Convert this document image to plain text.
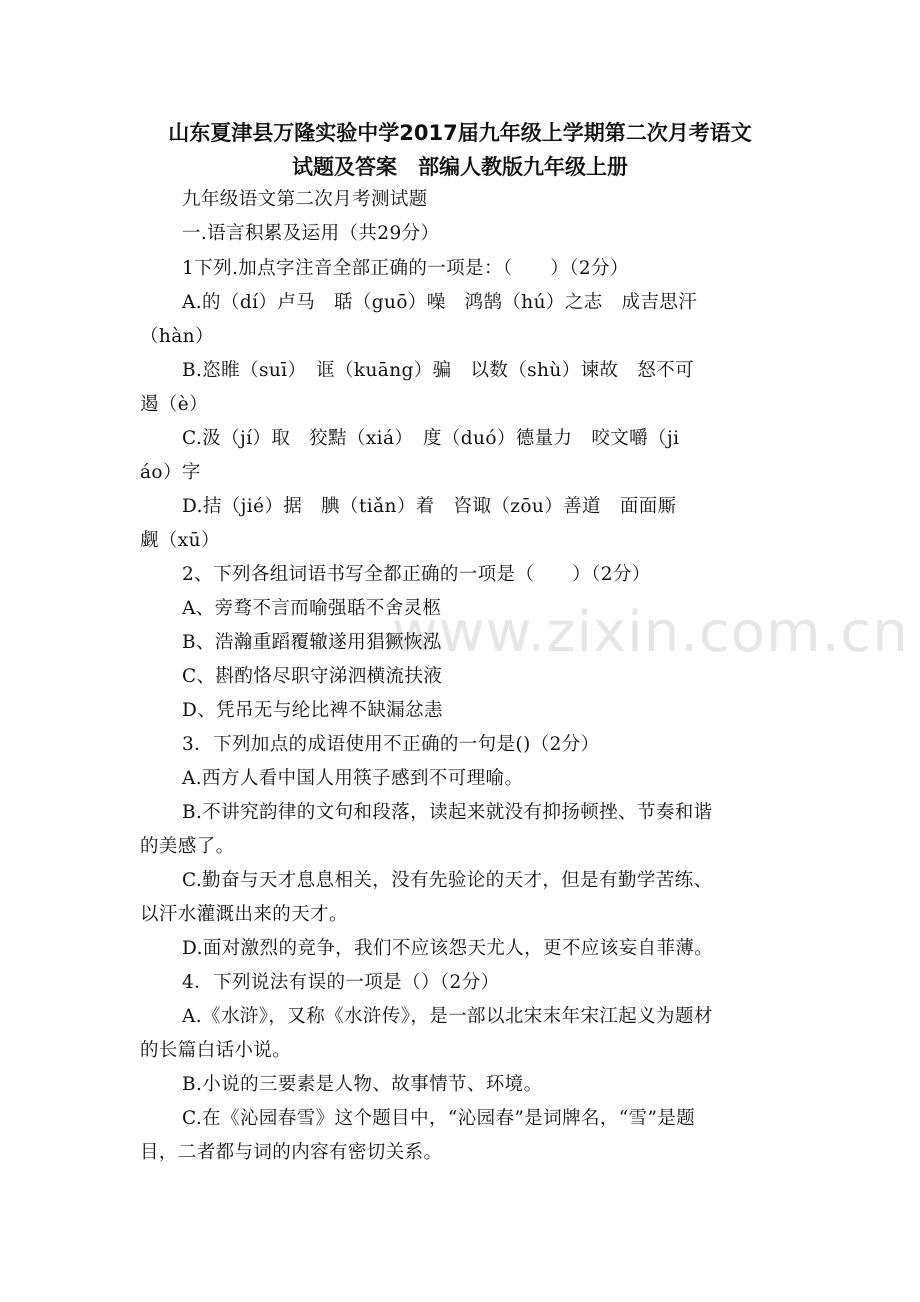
www.zixin.com.cn
山东夏津县万隆实验中学2017届九年级上学期第二次月考语文
试题及答案　部编人教版九年级上册
九年级语文第二次月考测试题
一.语言积累及运用（共29分）
1下列.加点字注音全部正确的一项是：（　　）（2分）
A.的（dí）卢马　聒（guō）噪　鸿鹄（hú）之志　成吉思汗
（hàn）
B.恣睢（suī）　诓（kuāng）骗　以数（shù）谏故　怒不可
遏（è）
C.汲（jí）取　狡黠（xiá）　度（duó）德量力　咬文嚼（ji
áo）字
D.拮（jié）据　腆（tiǎn）着　咨诹（zōu）善道　面面厮
觑（xū）
2、下列各组词语书写全都正确的一项是（　　）（2分）
A、旁骛不言而喻强聒不舍灵柩
B、浩瀚重蹈覆辙遂用猖獗恢泓
C、斟酌恪尽职守涕泗横流扶液
D、凭吊无与纶比裨不缺漏忿恚
3．下列加点的成语使用不正确的一句是()（2分）
A.西方人看中国人用筷子感到不可理喻。
B.不讲究韵律的文句和段落，读起来就没有抑扬顿挫、节奏和谐
的美感了。
C.勤奋与天才息息相关，没有先验论的天才，但是有勤学苦练、
以汗水灌溉出来的天才。
D.面对激烈的竞争，我们不应该怨天尤人，更不应该妄自菲薄。
4．下列说法有误的一项是（）（2分）
A.《水浒》，又称《水浒传》，是一部以北宋末年宋江起义为题材
的长篇白话小说。
B.小说的三要素是人物、故事情节、环境。
C.在《沁园春雪》这个题目中，“沁园春”是词牌名，“雪”是题
目，二者都与词的内容有密切关系。
